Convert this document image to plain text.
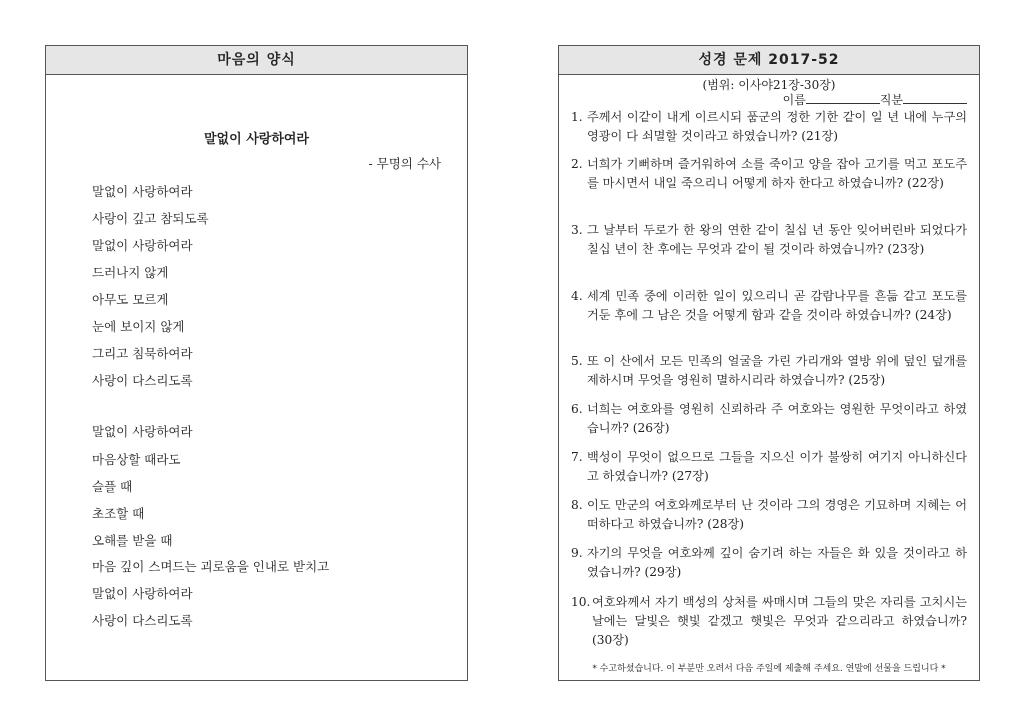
마음의 양식
말없이 사랑하여라
- 무명의 수사
말없이 사랑하여라
사랑이 깊고 참되도록
말없이 사랑하여라
드러나지 않게
아무도 모르게
눈에 보이지 않게
그리고 침묵하여라
사랑이 다스리도록
말없이 사랑하여라
마음상할 때라도
슬플 때
초조할 때
오해를 받을 때
마음 깊이 스며드는 괴로움을 인내로 받치고
말없이 사랑하여라
사랑이 다스리도록
성경 문제 2017-52
(범위: 이사야21장-30장)
이름	직분
1. 주께서 이같이 내게 이르시되 품군의 정한 기한 같이 일 년 내에 누구의 영광이 다 쇠멸할 것이라고 하였습니까? (21장)
2. 너희가 기뻐하며 즐거워하여 소를 죽이고 양을 잡아 고기를 먹고 포도주를 마시면서 내일 죽으리니 어떻게 하자 한다고 하였습니까? (22장)
3. 그 날부터 두로가 한 왕의 연한 같이 칠십 년 동안 잊어버린바 되었다가 칠십 년이 찬 후에는 무엇과 같이 될 것이라 하였습니까? (23장)
4. 세계 민족 중에 이러한 일이 있으리니 곧 감람나무를 흔듦 같고 포도를 거둔 후에 그 남은 것을 어떻게 함과 같을 것이라 하였습니까? (24장)
5. 또 이 산에서 모든 민족의 얼굴을 가린 가리개와 열방 위에 덮인 덮개를 제하시며 무엇을 영원히 멸하시리라 하였습니까? (25장)
6. 너희는 여호와를 영원히 신뢰하라 주 여호와는 영원한 무엇이라고 하였습니까? (26장)
7. 백성이 무엇이 없으므로 그들을 지으신 이가 불쌍히 여기지 아니하신다고 하였습니까? (27장)
8. 이도 만군의 여호와께로부터 난 것이라 그의 경영은 기묘하며 지혜는 어떠하다고 하였습니까? (28장)
9. 자기의 무엇을 여호와께 깊이 숨기려 하는 자들은 화 있을 것이라고 하였습니까? (29장)
10. 여호와께서 자기 백성의 상처를 싸매시며 그들의 맞은 자리를 고치시는 날에는 달빛은 햇빛 같겠고 햇빛은 무엇과 같으리라고 하였습니까? (30장)
* 수고하셨습니다. 이 부분만 오려서 다음 주일에 제출해 주세요. 연말에 선물을 드립니다 *
